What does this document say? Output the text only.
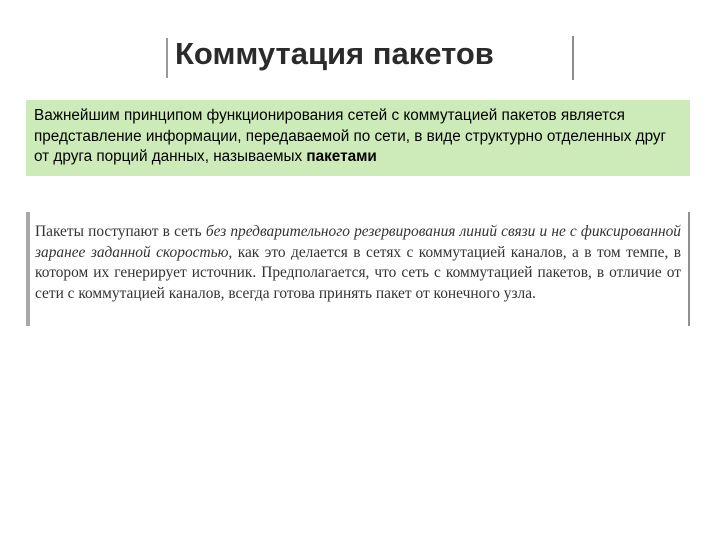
Коммутация пакетов
Важнейшим принципом функционирования сетей с коммутацией пакетов является представление информации, передаваемой по сети, в виде структурно отделенных друг от друга порций данных, называемых пакетами
Пакеты поступают в сеть без предварительного резервирования линий связи и не с фиксированной заранее заданной скоростью, как это делается в сетях с коммутацией каналов, а в том темпе, в котором их генерирует источник. Предполагается, что сеть с коммутацией пакетов, в отличие от сети с коммутацией каналов, всегда готова принять пакет от конечного узла.
